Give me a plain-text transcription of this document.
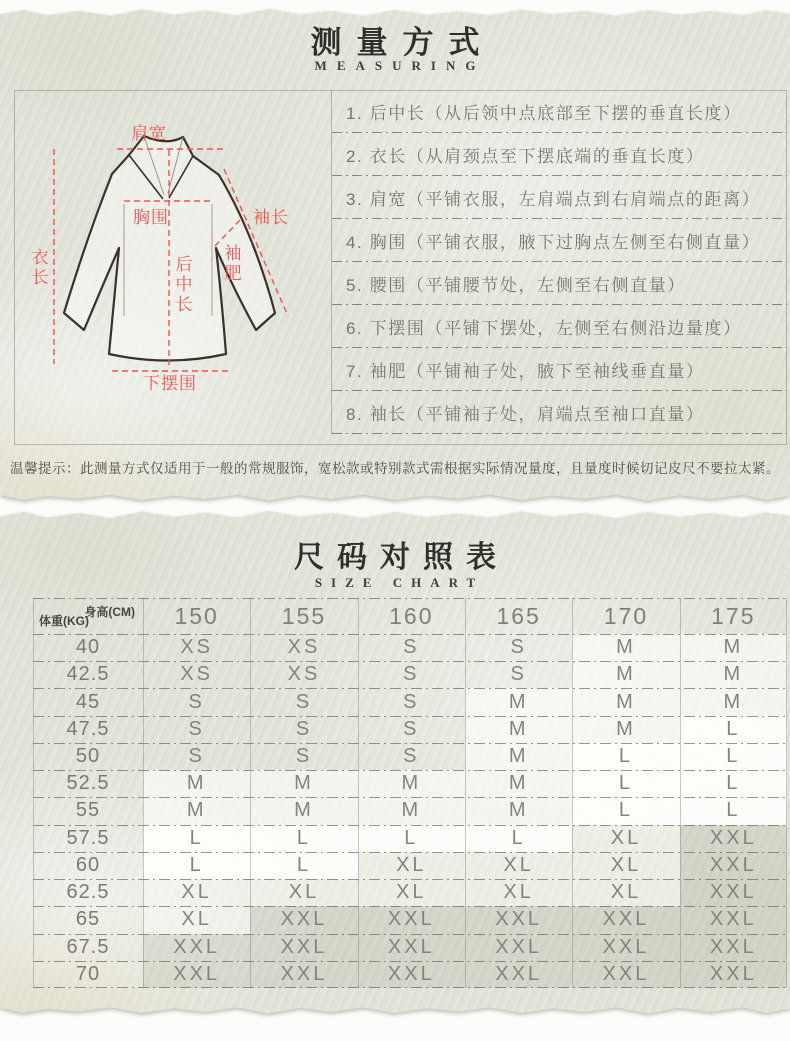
测量方式
MEASURING
肩宽
胸围	袖长
衣长	后中长 袖肥
下摆围
1. 后中长（从后领中点底部至下摆的垂直长度）
2. 衣长（从肩颈点至下摆底端的垂直长度）
3. 肩宽（平铺衣服，左肩端点到右肩端点的距离）
4. 胸围（平铺衣服，腋下过胸点左侧至右侧直量）
5. 腰围（平铺腰节处，左侧至右侧直量）
6. 下摆围（平铺下摆处，左侧至右侧沿边量度）
7. 袖肥（平铺袖子处，腋下至袖线垂直量）
8. 袖长（平铺袖子处，肩端点至袖口直量）
温馨提示：此测量方式仅适用于一般的常规服饰，宽松款或特别款式需根据实际情况量度，且量度时候切记皮尺不要拉太紧。
尺码对照表
SIZE CHART
身高(CM)
体重(KG)	150	155	160	165	170	175
40	XS	XS	S	S	M	M
42.5	XS	XS	S	S	M	M
45	S	S	S	M	M	M
47.5	S	S	S	M	M	L
50	S	S	S	M	L	L
52.5	M	M	M	M	L	L
55	M	M	M	M	L	L
57.5	L	L	L	L	XL	XXL
60	L	L	XL	XL	XL	XXL
62.5	XL	XL	XL	XL	XL	XXL
65	XL	XXL	XXL	XXL	XXL	XXL
67.5	XXL	XXL	XXL	XXL	XXL	XXL
70	XXL	XXL	XXL	XXL	XXL	XXL
